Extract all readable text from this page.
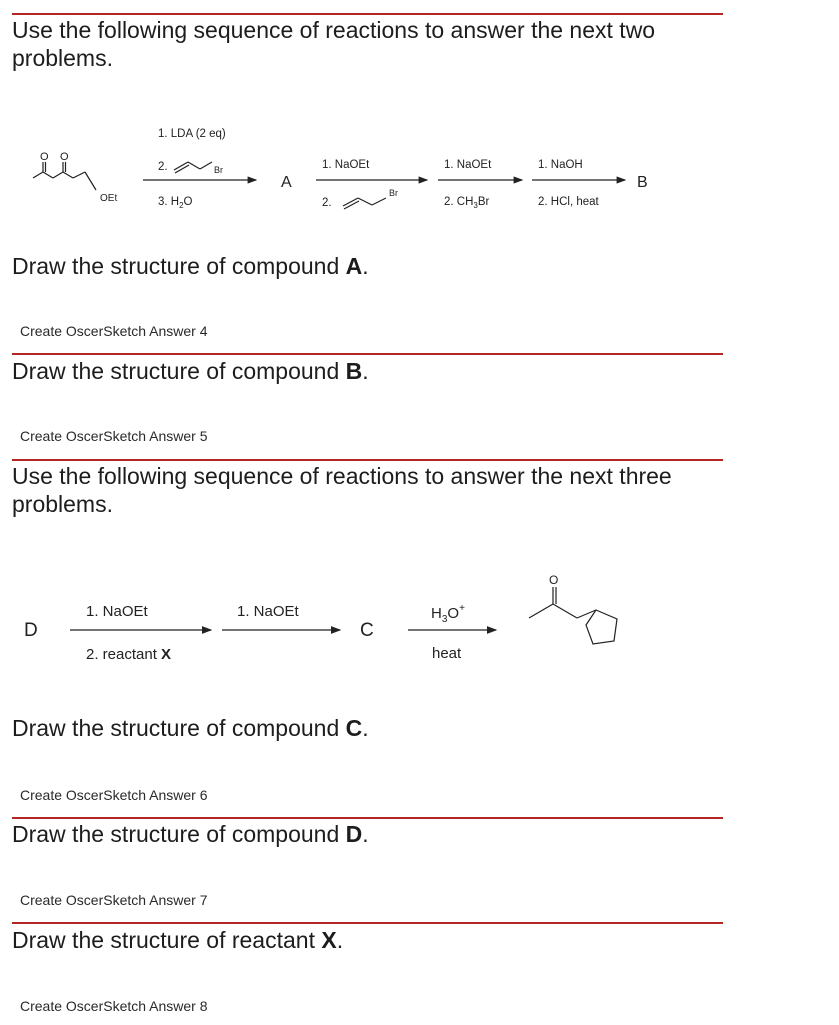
Use the following sequence of reactions to answer the next two problems.
O O
OEt
1. LDA (2 eq)
2.	Br
3. $H_2O$
A
1. NaOEt
2.
Br
1. NaOEt
2. $CH_3Br$
1. NaOH
2. HCl, heat
B
Draw the structure of compound A.
Create OscerSketch Answer 4
Draw the structure of compound B.
Create OscerSketch Answer 5
Use the following sequence of reactions to answer the next three problems.
D
1. NaOEt
2. reactant X
1. NaOEt
C
$H_3O^+$
heat
O
Draw the structure of compound C.
Create OscerSketch Answer 6
Draw the structure of compound D.
Create OscerSketch Answer 7
Draw the structure of reactant X.
Create OscerSketch Answer 8
